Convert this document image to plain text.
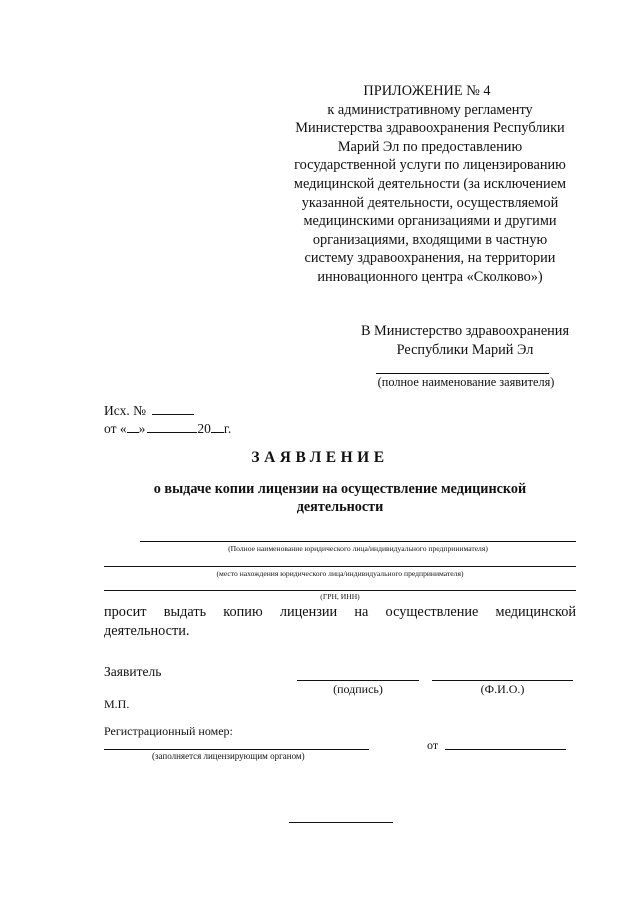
ПРИЛОЖЕНИЕ № 4
к административному регламенту
Министерства здравоохранения Республики
Марий Эл по предоставлению
государственной услуги по лицензированию
медицинской деятельности (за исключением
указанной деятельности, осуществляемой
медицинскими организациями и другими
организациями, входящими в частную
систему здравоохранения, на территории
инновационного центра «Сколково»)
В Министерство здравоохранения
Республики Марий Эл
(полное наименование заявителя)
Исх. №
от « »	20 г.
ЗАЯВЛЕНИЕ
о выдаче копии лицензии на осуществление медицинской
деятельности
(Полное наименование юридического лица/индивидуального предпринимателя)
(место нахождения юридического лица/индивидуального предпринимателя)
(ГРН, ИНН)
просит выдать копию лицензии на осуществление медицинской
деятельности.
Заявитель
(подпись)	(Ф.И.О.)
М.П.
Регистрационный номер:
(заполняется лицензирующим органом)
от
